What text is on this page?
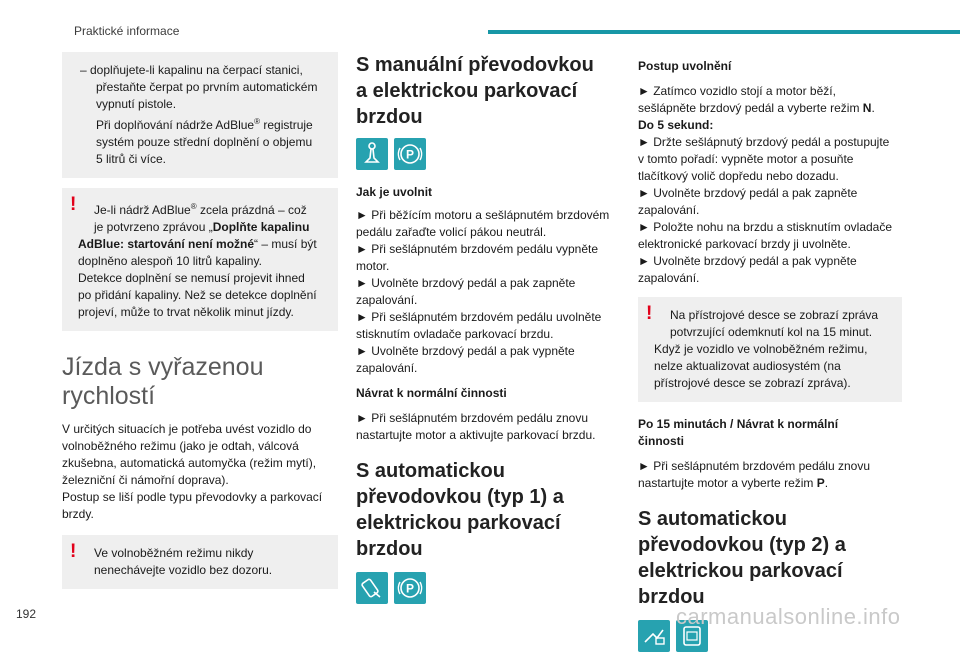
Praktické informace

– doplňujete-li kapalinu na čerpací stanici,

přestaňte čerpat po prvním automatickém

vypnutí pistole.

Při doplňování nádrže AdBlue® registruje

systém pouze střední doplnění o objemu

5 litrů či více.

!	Je-li nádrž AdBlue® zcela prázdná – což

je potvrzeno zprávou „Doplňte kapalinu

AdBlue: startování není možné“ – musí být

doplněno alespoň 10 litrů kapaliny.

Detekce doplnění se nemusí projevit ihned

po přidání kapaliny. Než se detekce doplnění

projeví, může to trvat několik minut jízdy.

Jízda s vyřazenou
rychlostí

V určitých situacích je potřeba uvést vozidlo do

volnoběžného režimu (jako je odtah, válcová

zkušebna, automatická automyčka (režim mytí),

železniční či námořní doprava).

Postup se liší podle typu převodovky a parkovací

brzdy.

!	Ve volnoběžném režimu nikdy

nenechávejte vozidlo bez dozoru.

S manuální převodovkou
a elektrickou parkovací
brzdou
P
Jak je uvolnit

► Při běžícím motoru a sešlápnutém brzdovém

pedálu zařaďte volicí pákou neutrál.

► Při sešlápnutém brzdovém pedálu vypněte

motor.

► Uvolněte brzdový pedál a pak zapněte

zapalování.

► Při sešlápnutém brzdovém pedálu uvolněte

stisknutím ovladače parkovací brzdu.

► Uvolněte brzdový pedál a pak vypněte

zapalování.

Návrat k normální činnosti

► Při sešlápnutém brzdovém pedálu znovu

nastartujte motor a aktivujte parkovací brzdu.

S automatickou
převodovkou (typ 1) a
elektrickou parkovací
brzdou
P
Postup uvolnění

► Zatímco vozidlo stojí a motor běží,

sešlápněte brzdový pedál a vyberte režim N.

Do 5 sekund:

► Držte sešlápnutý brzdový pedál a postupujte

v tomto pořadí: vypněte motor a posuňte

tlačítkový volič dopředu nebo dozadu.

► Uvolněte brzdový pedál a pak zapněte

zapalování.

► Položte nohu na brzdu a stisknutím ovladače

elektronické parkovací brzdy ji uvolněte.

► Uvolněte brzdový pedál a pak vypněte

zapalování.

!	Na přístrojové desce se zobrazí zpráva

potvrzující odemknutí kol na 15 minut.

Když je vozidlo ve volnoběžném režimu,

nelze aktualizovat audiosystém (na

přístrojové desce se zobrazí zpráva).

Po 15 minutách / Návrat k normální
činnosti

► Při sešlápnutém brzdovém pedálu znovu

nastartujte motor a vyberte režim P.

S automatickou
převodovkou (typ 2) a
elektrickou parkovací
brzdou
192	carmanualsonline.info
